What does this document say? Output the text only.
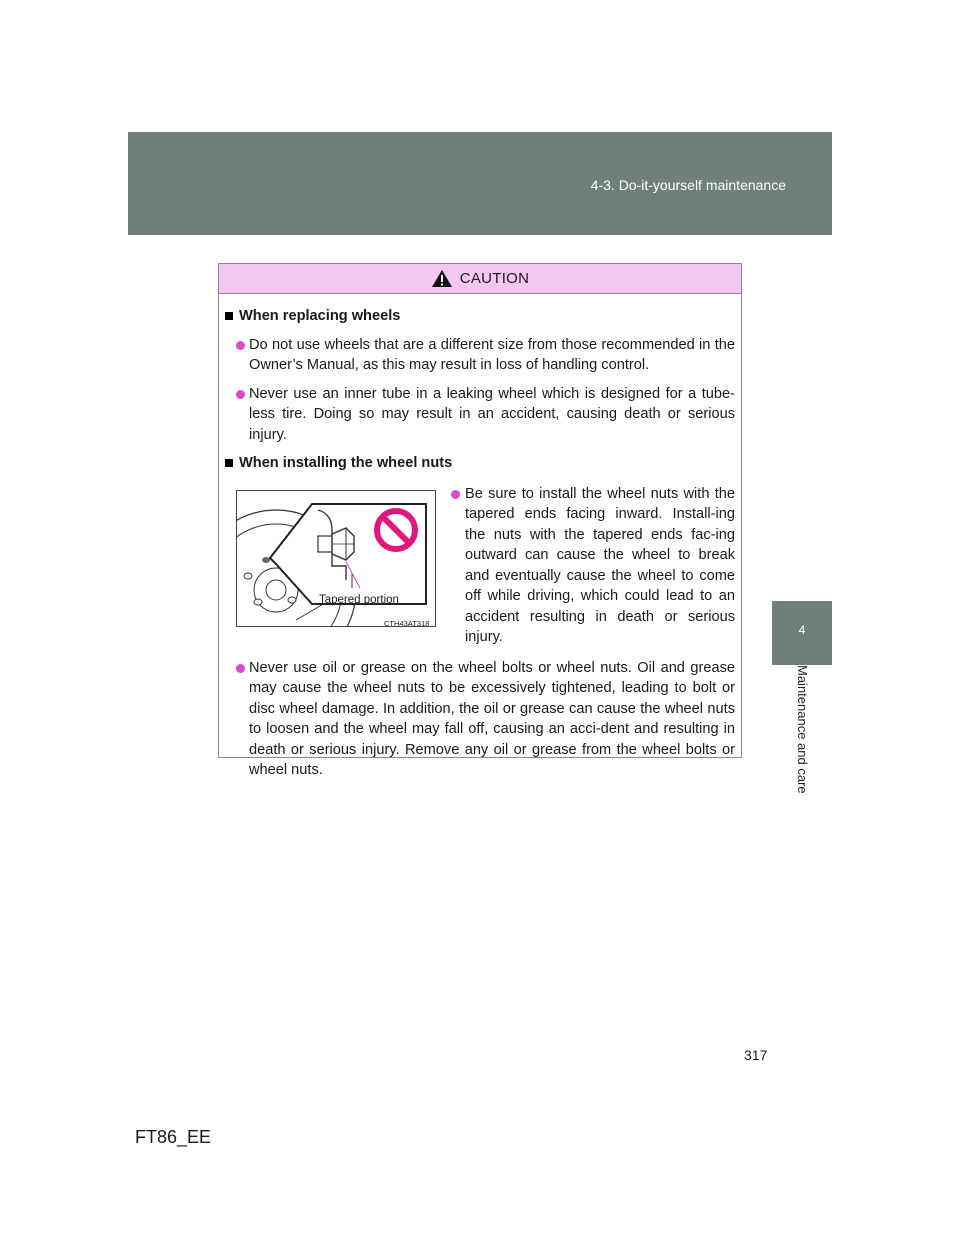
4-3. Do-it-yourself maintenance
4
Maintenance and care
CAUTION
When replacing wheels
Do not use wheels that are a different size from those recommended in the Owner’s Manual, as this may result in loss of handling control.
Never use an inner tube in a leaking wheel which is designed for a tube-less tire. Doing so may result in an accident, causing death or serious injury.
When installing the wheel nuts
Tapered portion
CTH43AT318
Be sure to install the wheel nuts with the tapered ends facing inward. Install-ing the nuts with the tapered ends fac-ing outward can cause the wheel to break and eventually cause the wheel to come off while driving, which could lead to an accident resulting in death or serious injury.
Never use oil or grease on the wheel bolts or wheel nuts. Oil and grease may cause the wheel nuts to be excessively tightened, leading to bolt or disc wheel damage. In addition, the oil or grease can cause the wheel nuts to loosen and the wheel may fall off, causing an acci-dent and resulting in death or serious injury. Remove any oil or grease from the wheel bolts or wheel nuts.
317
FT86_EE
